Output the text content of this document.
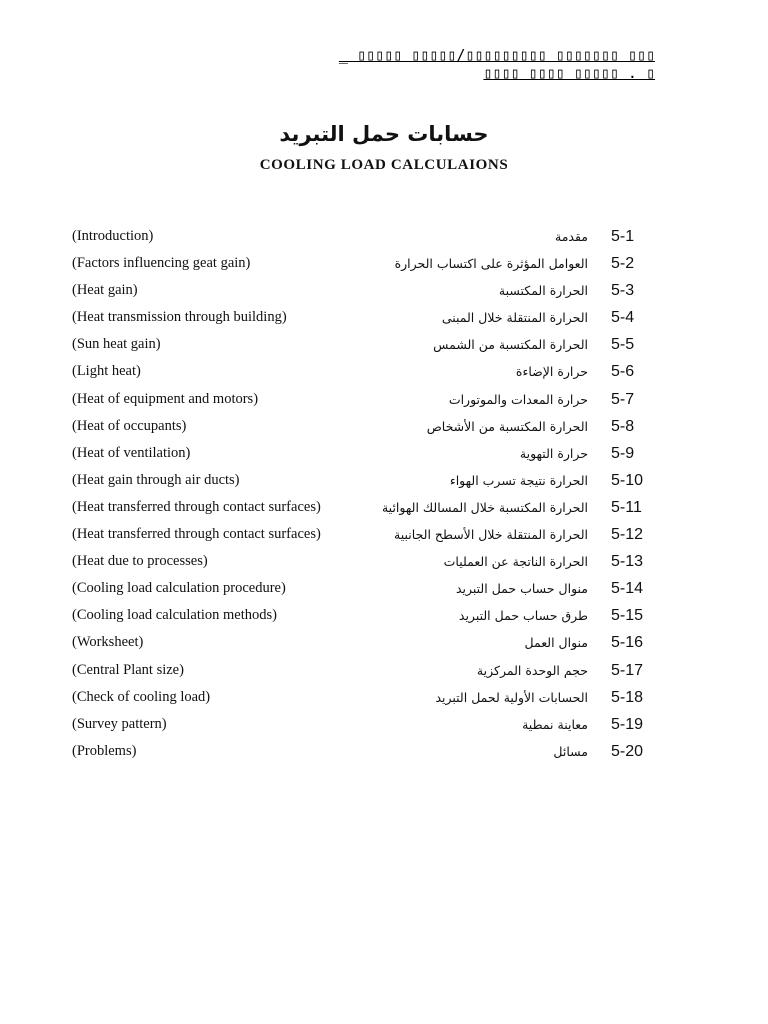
_ ▯▯▯▯▯ ▯▯▯▯▯/▯▯▯▯▯▯▯▯▯ ▯▯▯▯▯▯▯ ▯▯▯
▯▯▯▯ ▯▯▯▯ ▯▯▯▯▯ . ▯
حسابات حمل التبريد
COOLING LOAD CALCULAIONS
(Introduction)	مقدمة 5-1
(Factors influencing geat gain)	العوامل المؤثرة على اكتساب الحرارة 5-2
(Heat gain)	الحرارة المكتسبة 5-3
(Heat transmission through building)	الحرارة المنتقلة خلال المبنى 5-4
(Sun heat gain)	الحرارة المكتسبة من الشمس 5-5
(Light heat)	حرارة الإضاءة 5-6
(Heat of equipment and motors)	حرارة المعدات والموتورات 5-7
(Heat of occupants)	الحرارة المكتسبة من الأشخاص 5-8
(Heat of ventilation)	حرارة التهوية 5-9
(Heat gain through air ducts)	الحرارة نتيجة تسرب الهواء 5-10
(Heat transferred through contact surfaces)	الحرارة المكتسبة خلال المسالك الهوائية 5-11
(Heat transferred through contact surfaces)	الحرارة المنتقلة خلال الأسطح الجانبية 5-12
(Heat due to processes)	الحرارة الناتجة عن العمليات 5-13
(Cooling load calculation procedure)	منوال حساب حمل التبريد 5-14
(Cooling load calculation methods)	طرق حساب حمل التبريد 5-15
(Worksheet)	منوال العمل 5-16
(Central Plant size)	حجم الوحدة المركزية 5-17
(Check of cooling load)	الحسابات الأولية لحمل التبريد 5-18
(Survey pattern)	معاينة نمطية 5-19
(Problems)	مسائل 5-20
